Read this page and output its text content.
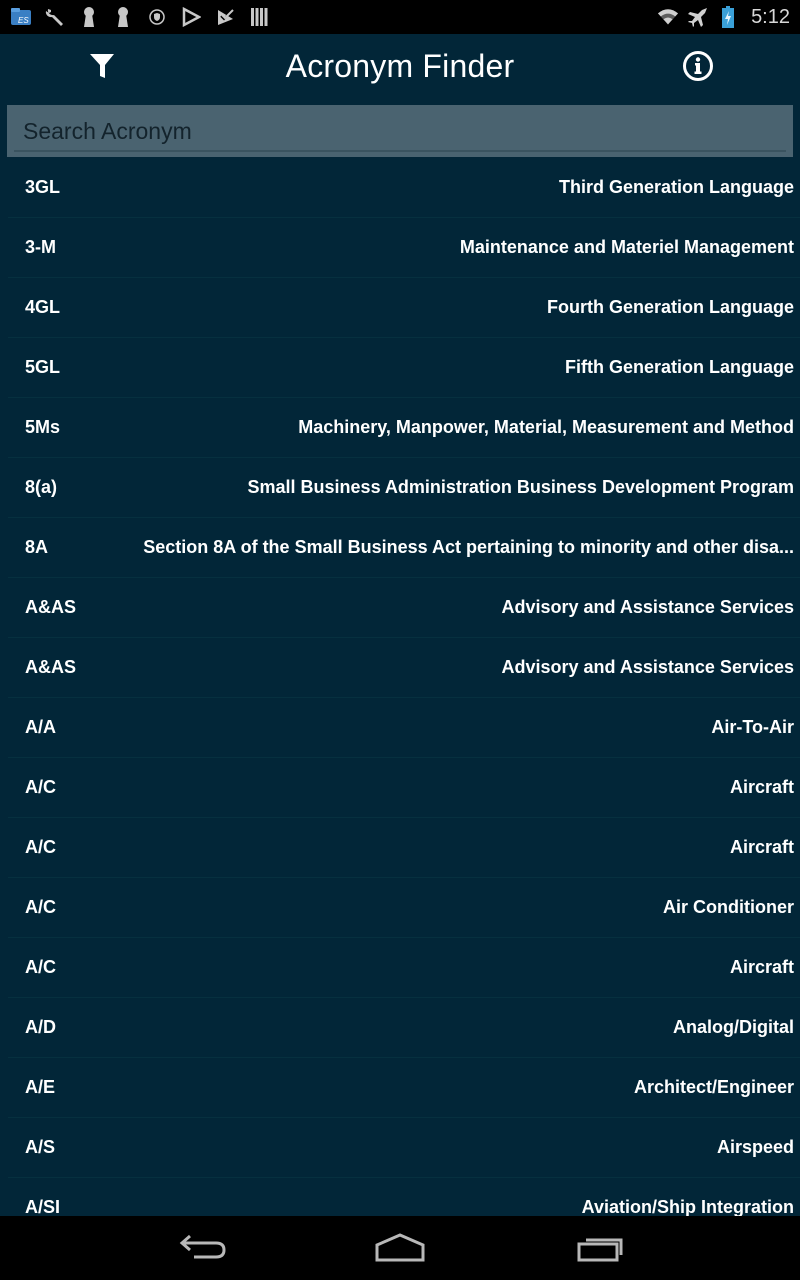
ES	5:12
Acronym Finder
Search Acronym
3GL	Third Generation Language
3-M	Maintenance and Materiel Management
4GL	Fourth Generation Language
5GL	Fifth Generation Language
5Ms	Machinery, Manpower, Material, Measurement and Method
8(a)	Small Business Administration Business Development Program
8A	Section 8A of the Small Business Act pertaining to minority and other disa...
A&AS	Advisory and Assistance Services
A&AS	Advisory and Assistance Services
A/A	Air-To-Air
A/C	Aircraft
A/C	Aircraft
A/C	Air Conditioner
A/C	Aircraft
A/D	Analog/Digital
A/E	Architect/Engineer
A/S	Airspeed
A/SI	Aviation/Ship Integration
